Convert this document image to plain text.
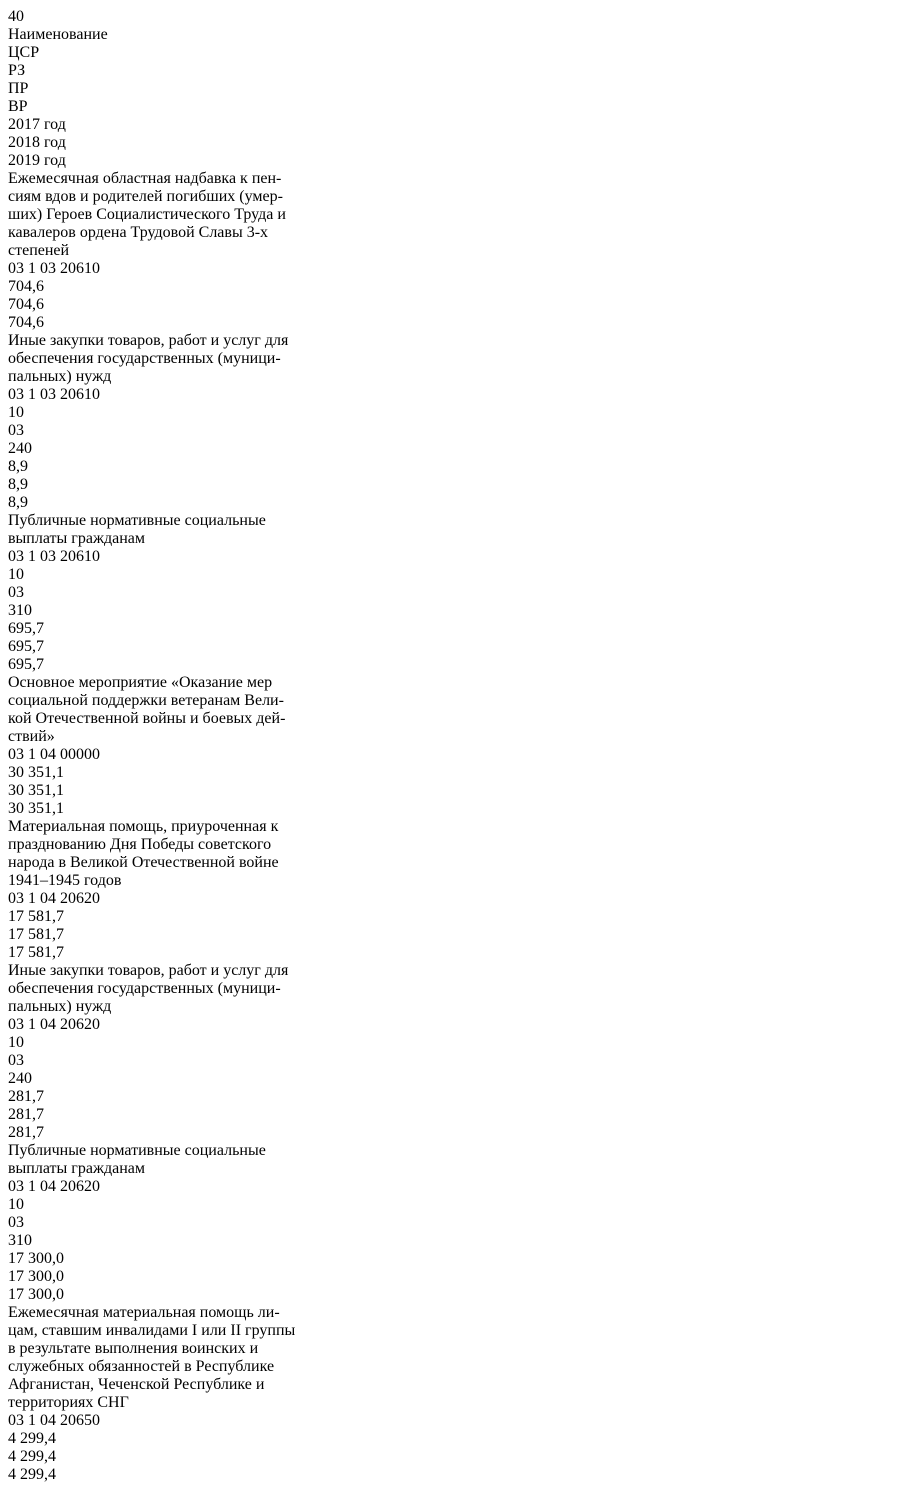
40
Наименование
ЦСР
РЗ
ПР
ВР
2017 год
2018 год
2019 год
Ежемесячная областная надбавка к пен-
сиям вдов и родителей погибших (умер-
ших) Героев Социалистического Труда и
кавалеров ордена Трудовой Славы 3-х
степеней
03 1 03 20610
704,6
704,6
704,6
Иные закупки товаров, работ и услуг для
обеспечения государственных (муници-
пальных) нужд
03 1 03 20610
10
03
240
8,9
8,9
8,9
Публичные нормативные социальные
выплаты гражданам
03 1 03 20610
10
03
310
695,7
695,7
695,7
Основное мероприятие «Оказание мер
социальной поддержки ветеранам Вели-
кой Отечественной войны и боевых дей-
ствий»
03 1 04 00000
30 351,1
30 351,1
30 351,1
Материальная помощь, приуроченная к
празднованию Дня Победы советского
народа в Великой Отечественной войне
1941–1945 годов
03 1 04 20620
17 581,7
17 581,7
17 581,7
Иные закупки товаров, работ и услуг для
обеспечения государственных (муници-
пальных) нужд
03 1 04 20620
10
03
240
281,7
281,7
281,7
Публичные нормативные социальные
выплаты гражданам
03 1 04 20620
10
03
310
17 300,0
17 300,0
17 300,0
Ежемесячная материальная помощь ли-
цам, ставшим инвалидами I или II группы
в результате выполнения воинских и
служебных обязанностей в Республике
Афганистан, Чеченской Республике и
территориях СНГ
03 1 04 20650
4 299,4
4 299,4
4 299,4
